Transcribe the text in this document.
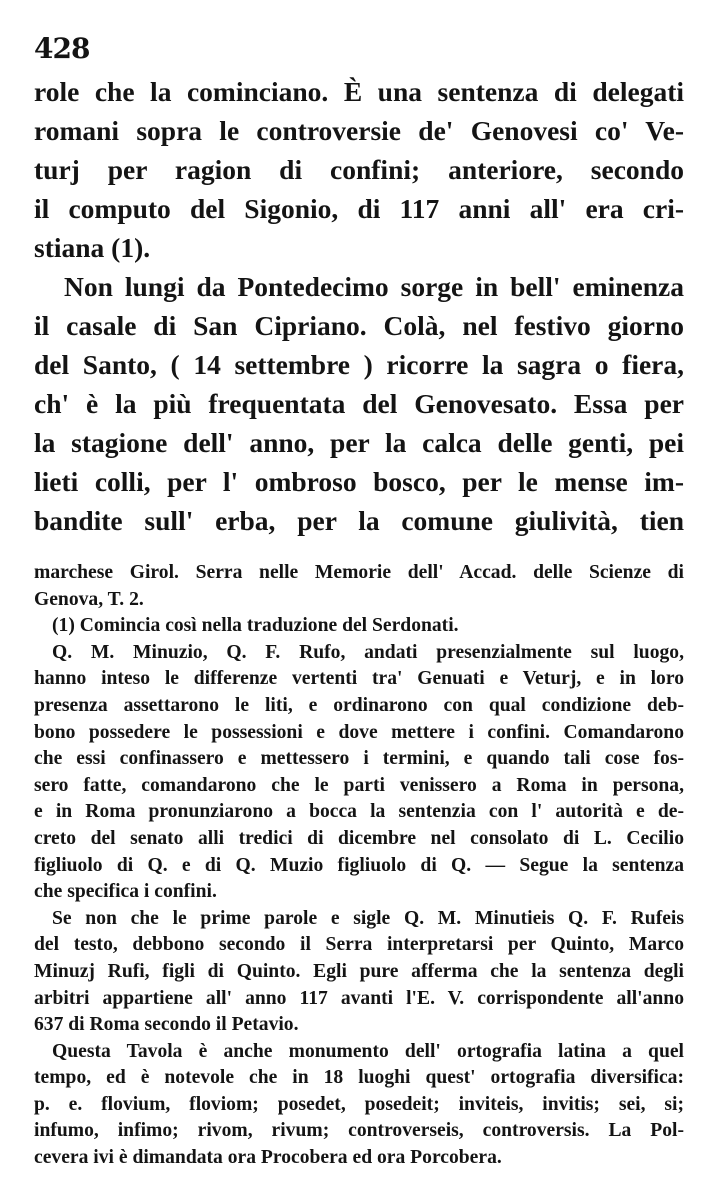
428
role che la cominciano. È una sentenza di delegati
romani sopra le controversie de' Genovesi co' Ve-
turj per ragion di confini; anteriore, secondo
il computo del Sigonio, di 117 anni all' era cri-
stiana (1).
Non lungi da Pontedecimo sorge in bell' eminenza
il casale di San Cipriano. Colà, nel festivo giorno
del Santo, ( 14 settembre ) ricorre la sagra o fiera,
ch' è la più frequentata del Genovesato. Essa per
la stagione dell' anno, per la calca delle genti, pei
lieti colli, per l' ombroso bosco, per le mense im-
bandite sull' erba, per la comune giulività, tien
marchese Girol. Serra nelle Memorie dell' Accad. delle Scienze di
Genova, T. 2.
(1) Comincia così nella traduzione del Serdonati.
Q. M. Minuzio, Q. F. Rufo, andati presenzialmente sul luogo,
hanno inteso le differenze vertenti tra' Genuati e Veturj, e in loro
presenza assettarono le liti, e ordinarono con qual condizione deb-
bono possedere le possessioni e dove mettere i confini. Comandarono
che essi confinassero e mettessero i termini, e quando tali cose fos-
sero fatte, comandarono che le parti venissero a Roma in persona,
e in Roma pronunziarono a bocca la sentenzia con l' autorità e de-
creto del senato alli tredici di dicembre nel consolato di L. Cecilio
figliuolo di Q. e di Q. Muzio figliuolo di Q. — Segue la sentenza
che specifica i confini.
Se non che le prime parole e sigle Q. M. Minutieis Q. F. Rufeis
del testo, debbono secondo il Serra interpretarsi per Quinto, Marco
Minuzj Rufi, figli di Quinto. Egli pure afferma che la sentenza degli
arbitri appartiene all' anno 117 avanti l'E. V. corrispondente all'anno
637 di Roma secondo il Petavio.
Questa Tavola è anche monumento dell' ortografia latina a quel
tempo, ed è notevole che in 18 luoghi quest' ortografia diversifica:
p. e. flovium, floviom; posedet, posedeit; inviteis, invitis; sei, si;
infumo, infimo; rivom, rivum; controverseis, controversis. La Pol-
cevera ivi è dimandata ora Procobera ed ora Porcobera.
